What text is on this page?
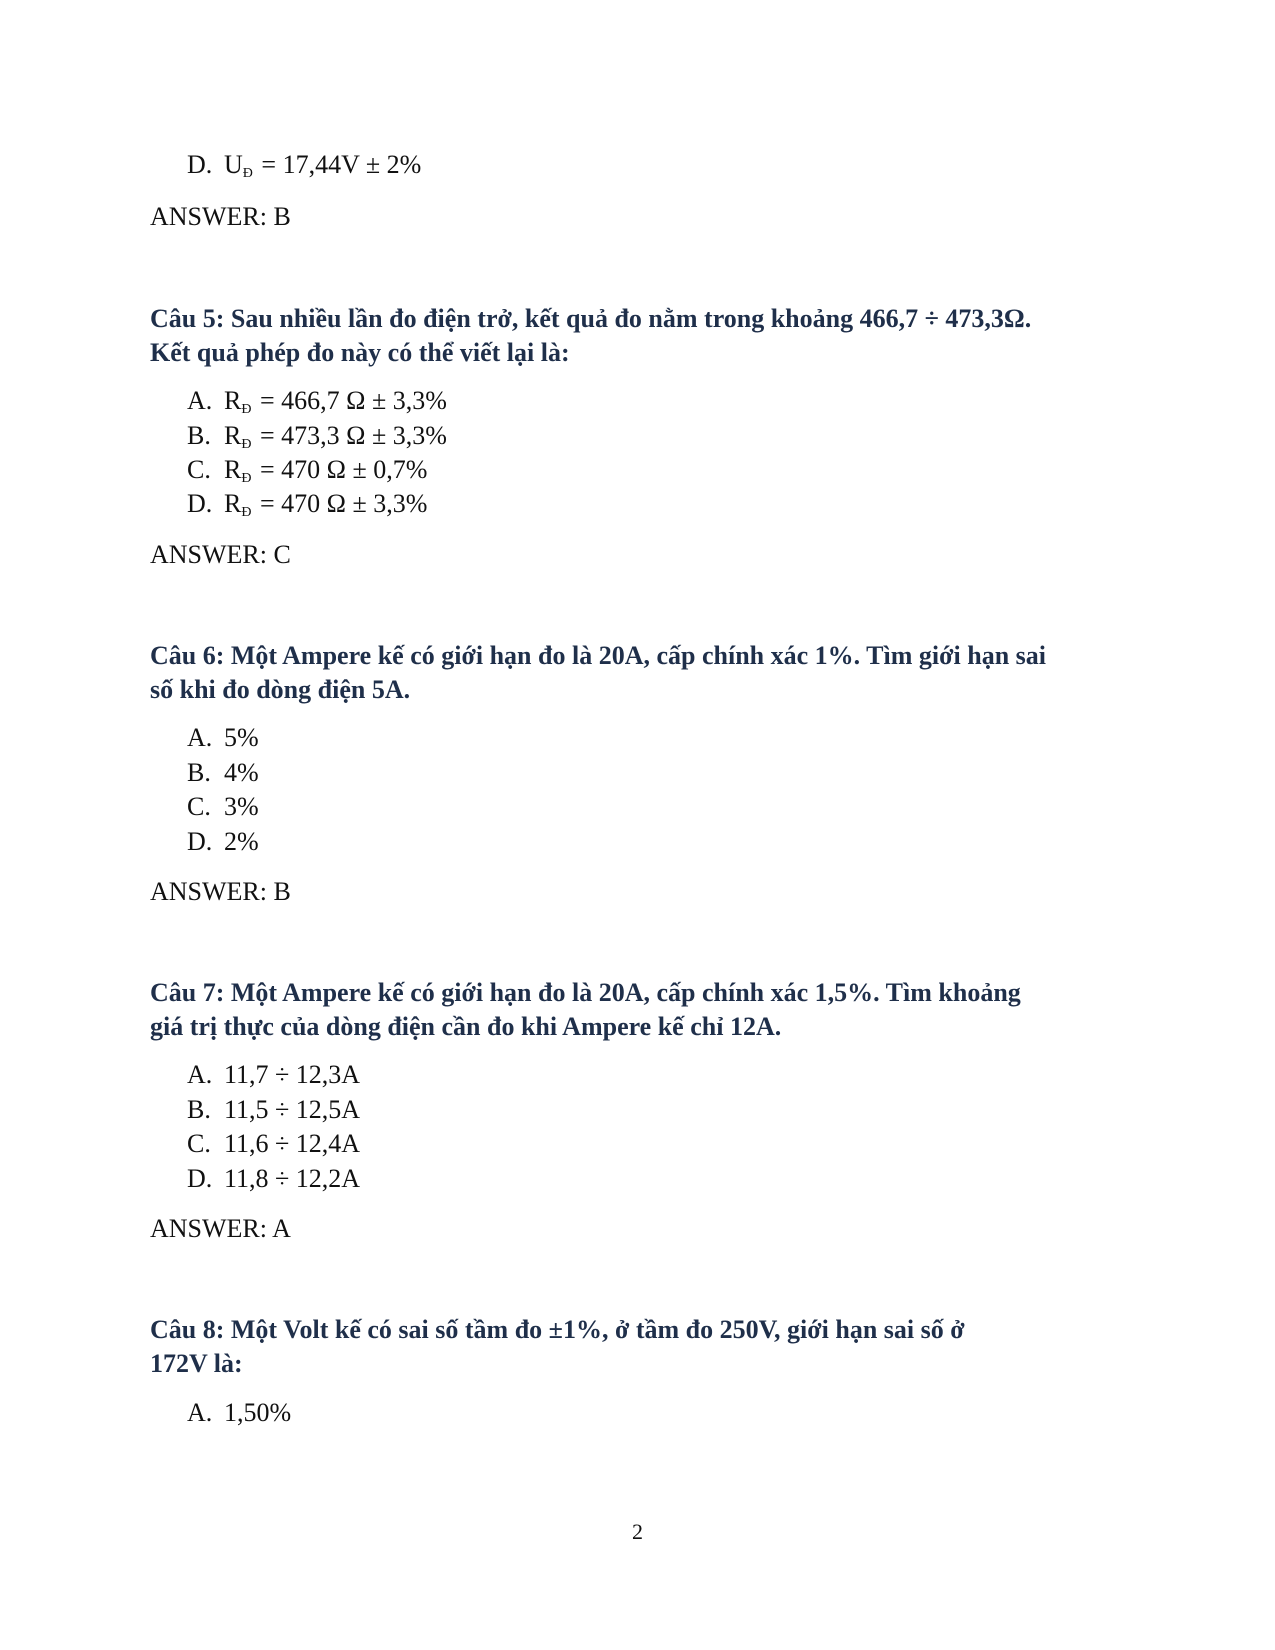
D. $U_Đ = 17,44V \pm 2\%$
ANSWER: B
Câu 5: Sau nhiều lần đo điện trở, kết quả đo nằm trong khoảng 466,7 ÷ 473,3Ω.
Kết quả phép đo này có thể viết lại là:
A. $R_Đ = 466,7$ Ω ± 3,3%
B. $R_Đ = 473,3$ Ω ± 3,3%
C. $R_Đ = 470$ Ω ± 0,7%
D. $R_Đ = 470$ Ω ± 3,3%
ANSWER: C
Câu 6: Một Ampere kế có giới hạn đo là 20A, cấp chính xác 1%. Tìm giới hạn sai
số khi đo dòng điện 5A.
A. 5%
B. 4%
C. 3%
D. 2%
ANSWER: B
Câu 7: Một Ampere kế có giới hạn đo là 20A, cấp chính xác 1,5%. Tìm khoảng
giá trị thực của dòng điện cần đo khi Ampere kế chỉ 12A.
A. 11,7 ÷ 12,3A
B. 11,5 ÷ 12,5A
C. 11,6 ÷ 12,4A
D. 11,8 ÷ 12,2A
ANSWER: A
Câu 8: Một Volt kế có sai số tầm đo ±1%, ở tầm đo 250V, giới hạn sai số ở
172V là:
A. 1,50%
2
